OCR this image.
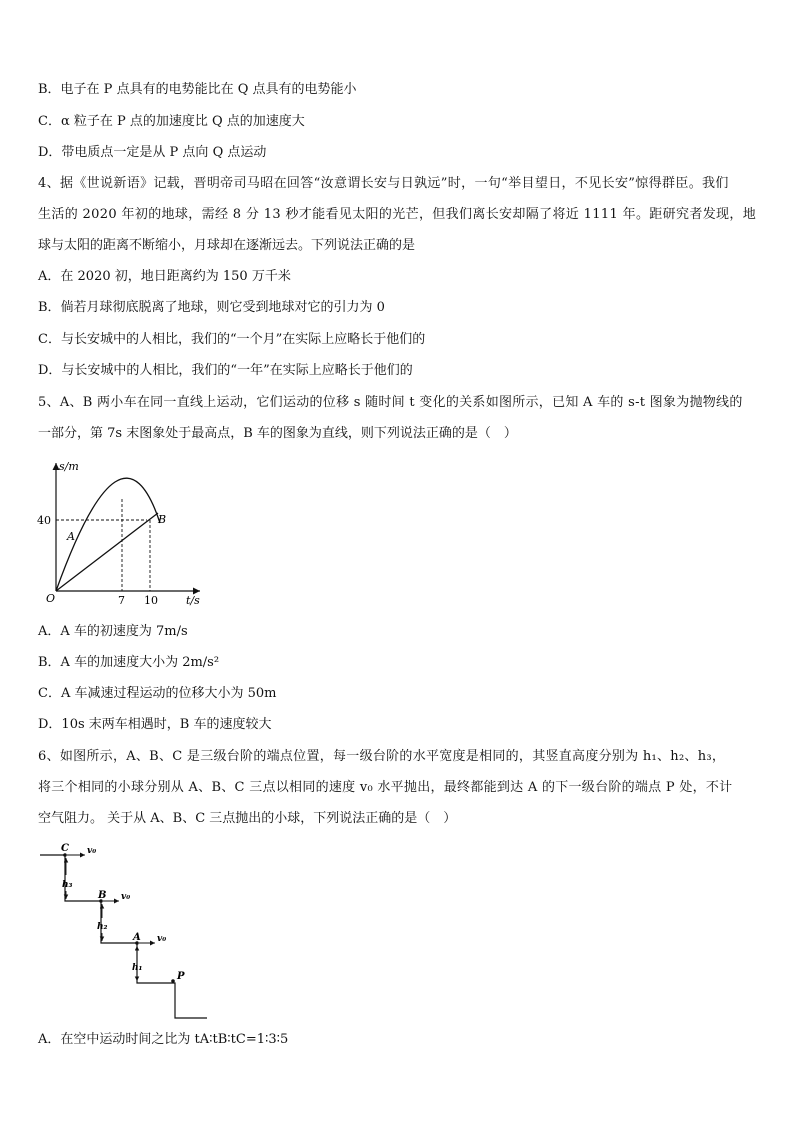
B．电子在 P 点具有的电势能比在 Q 点具有的电势能小
C．α 粒子在 P 点的加速度比 Q 点的加速度大
D．带电质点一定是从 P 点向 Q 点运动
4、据《世说新语》记载，晋明帝司马昭在回答“汝意谓长安与日孰远”时，一句“举目望日，不见长安”惊得群臣。我们
生活的 2020 年初的地球，需经 8 分 13 秒才能看见太阳的光芒，但我们离长安却隔了将近 1111 年。距研究者发现，地
球与太阳的距离不断缩小，月球却在逐渐远去。下列说法正确的是
A．在 2020 初，地日距离约为 150 万千米
B．倘若月球彻底脱离了地球，则它受到地球对它的引力为 0
C．与长安城中的人相比，我们的“一个月”在实际上应略长于他们的
D．与长安城中的人相比，我们的“一年”在实际上应略长于他们的
5、A、B 两小车在同一直线上运动，它们运动的位移 s 随时间 t 变化的关系如图所示，已知 A 车的 s-t 图象为抛物线的
一部分，第 7s 末图象处于最高点，B 车的图象为直线，则下列说法正确的是（　）
s/m
t/s
O
40
7 10
A
B
A．A 车的初速度为 7m/s
B．A 车的加速度大小为 2m/s²
C．A 车减速过程运动的位移大小为 50m
D．10s 末两车相遇时，B 车的速度较大
6、如图所示，A、B、C 是三级台阶的端点位置，每一级台阶的水平宽度是相同的，其竖直高度分别为 h₁、h₂、h₃，
将三个相同的小球分别从 A、B、C 三点以相同的速度 v₀ 水平抛出，最终都能到达 A 的下一级台阶的端点 P 处，不计
空气阻力。 关于从 A、B、C 三点抛出的小球，下列说法正确的是（　）
C
B
A
P
v₀
v₀
v₀
h₃
h₂
h₁
A．在空中运动时间之比为 tA∶tB∶tC=1∶3∶5
